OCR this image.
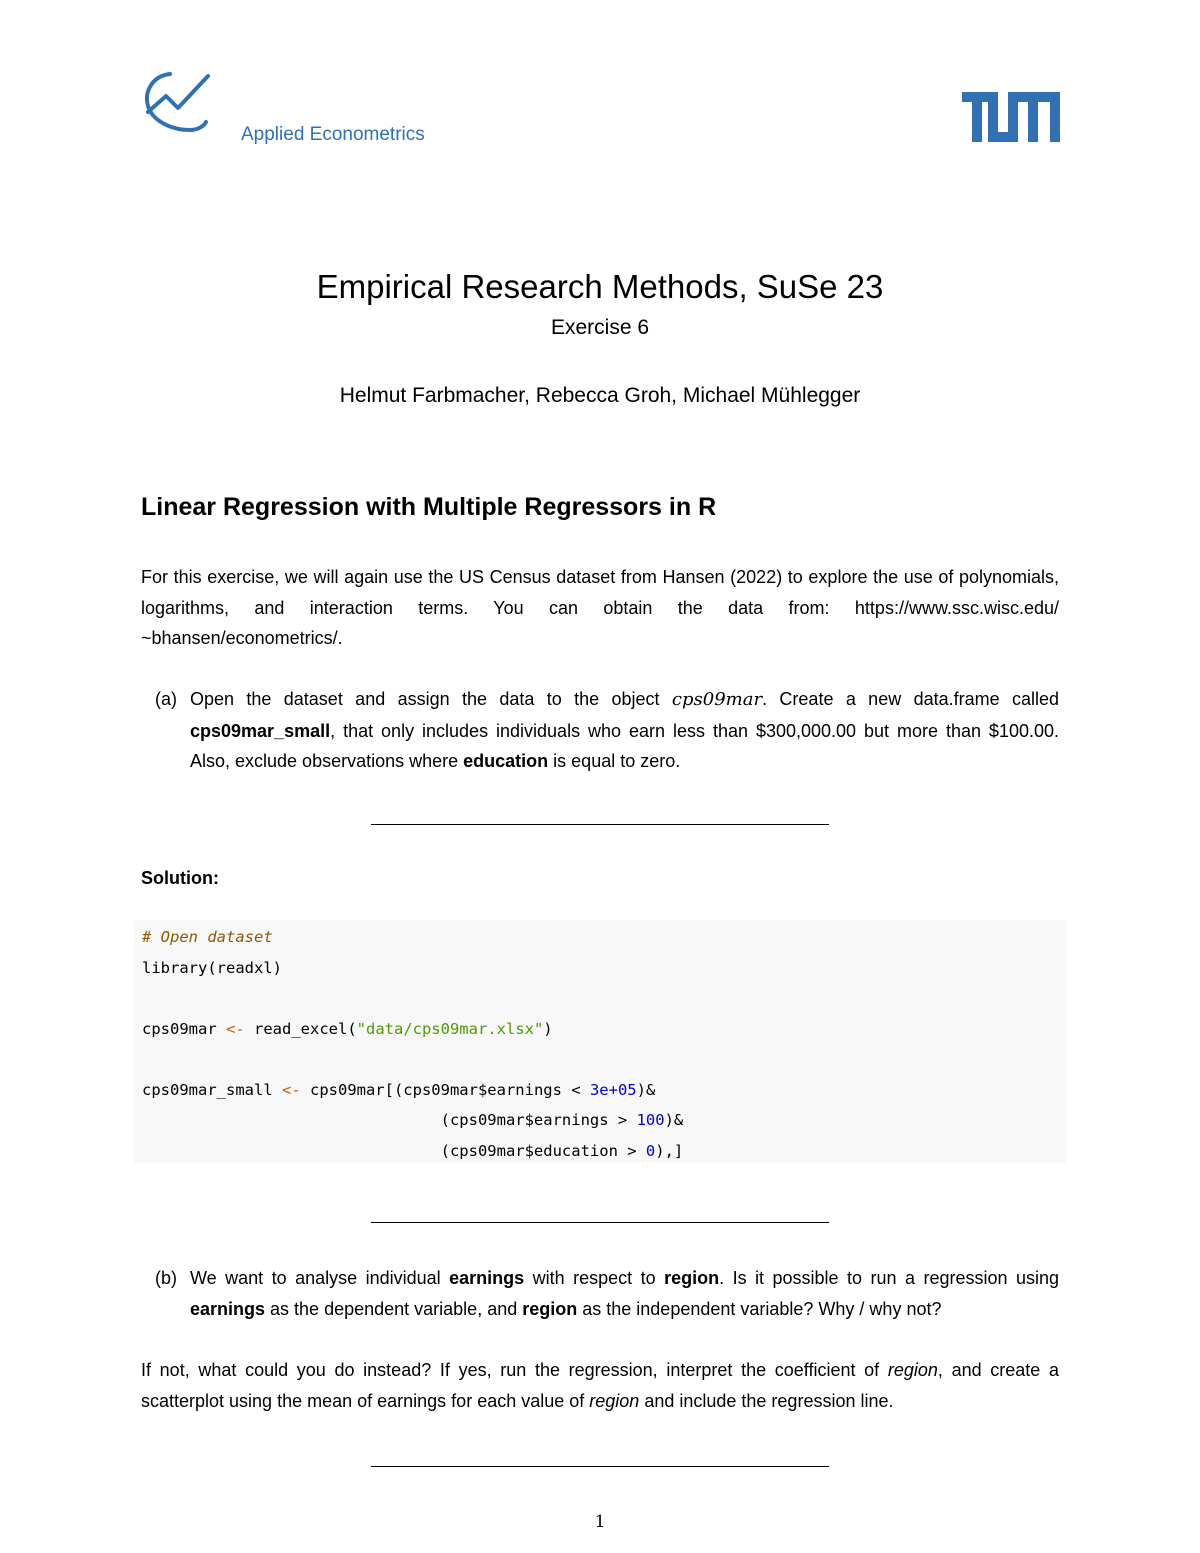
Applied Econometrics
Empirical Research Methods, SuSe 23
Exercise 6
Helmut Farbmacher, Rebecca Groh, Michael Mühlegger
Linear Regression with Multiple Regressors in R
For this exercise, we will again use the US Census dataset from Hansen (2022) to explore the use of polynomials, logarithms, and interaction terms. You can obtain the data from: https://www.ssc.wisc.edu/ ~bhansen/econometrics/.
(a) Open the dataset and assign the data to the object cps09mar. Create a new data.frame called cps09mar_small, that only includes individuals who earn less than $300,000.00 but more than $100.00. Also, exclude observations where education is equal to zero.
Solution:
# Open dataset
library(readxl)

cps09mar <- read_excel("data/cps09mar.xlsx")

cps09mar_small <- cps09mar[(cps09mar$earnings < 3e+05)&
(cps09mar$earnings > 100)&
(cps09mar$education > 0),]
(b) We want to analyse individual earnings with respect to region. Is it possible to run a regression using earnings as the dependent variable, and region as the independent variable? Why / why not?
If not, what could you do instead? If yes, run the regression, interpret the coefficient of region, and create a scatterplot using the mean of earnings for each value of region and include the regression line.
1
